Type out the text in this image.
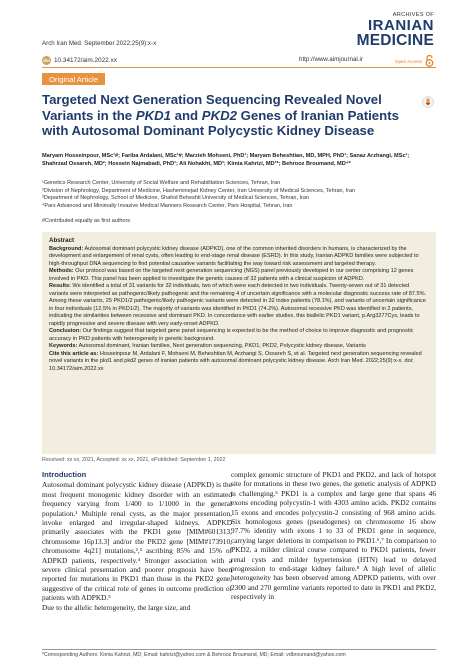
Arch Iran Med. September 2022;25(9):x-x
doi 10.34172/aim.2022.xx	http://www.aimjournal.ir
ARCHIVES OF
IRANIAN
MEDICINE
Open Access
Original Article
Targeted Next Generation Sequencing Revealed Novel Variants in the PKD1 and PKD2 Genes of Iranian Patients with Autosomal Dominant Polycystic Kidney Disease
Maryam Hosseinpour, MSc¹#; Fariba Ardalani, MSc¹#; Marzieh Mohseni, PhD¹; Maryam Beheshtian, MD, MPH, PhD¹; Sanaz Arzhangi, MSc¹; Shahrzad Ossareh, MD²; Hossein Najmabadi, PhD¹; Ali Nohakht, MD³; Kimia Kahrizi, MD¹*; Behrooz Broumand, MD⁴*
¹Genetics Research Center, University of Social Welfare and Rehabilitation Sciences, Tehran, Iran
²Division of Nephrology, Department of Medicine, Hasheminejad Kidney Center, Iran University of Medical Sciences, Tehran, Iran
³Department of Nephrology, School of Medicine, Shahid Beheshti University of Medical Sciences, Tehran, Iran
⁴Pars Advanced and Minimally Invasive Medical Manners Research Center, Pars Hospital, Tehran, Iran
#Contributed equally as first authors
Abstract

Background: Autosomal dominant polycystic kidney disease (ADPKD), one of the common inherited disorders in humans, is characterized by the development and enlargement of renal cysts, often leading to end-stage renal disease (ESRD). In this study, Iranian ADPKD families were subjected to high-throughput DNA sequencing to find potential causative variants facilitating the way toward risk assessment and targeted therapy.

Methods: Our protocol was based on the targeted next generation sequencing (NGS) panel previously developed in our center comprising 12 genes involved in PKD. This panel has been applied to investigate the genetic causes of 32 patients with a clinical suspicion of ADPKD.

Results: We identified a total of 31 variants for 32 individuals, two of which were each detected in two individuals. Twenty-seven out of 31 detected variants were interpreted as pathogenic/likely pathogenic and the remaining 4 of uncertain significance with a molecular diagnostic success rate of 87.5%. Among these variants, 25 PKD1/2 pathogenic/likely pathogenic variants were detected in 32 index patients (78.1%), and variants of uncertain significance in four individuals (12.5% in PKD1/2). The majority of variants was identified in PKD1 (74.2%). Autosomal recessive PKD was identified in 2 patients, indicating the similarities between recessive and dominant PKD. In concordance with earlier studies, this biallelic PKD1 variant, p.Arg3277Cys, leads to rapidly progressive and severe disease with very early-onset ADPKD.

Conclusion: Our findings suggest that targeted gene panel sequencing is expected to be the method of choice to improve diagnostic and prognostic accuracy in PKD patients with heterogeneity in genetic background.

Keywords: Autosomal dominant, Iranian families, Next generation sequencing, PKD1, PKD2, Polycystic kidney disease, Variants

Cite this article as: Hosseinpour M, Ardalani F, Mohseni M, Beheshtian M, Arzhangi S, Ossareh S, et al. Targeted next generation sequencing revealed novel variants in the pkd1 and pkd2 genes of iranian patients with autosomal dominant polycystic kidney disease. Arch Iran Med. 2022;25(9):x-x. doi: 10.34172/aim.2022.xx

Received: xx xx, 2021, Accepted: xx xx, 2021, ePublished: September 1, 2022
Introduction
Autosomal dominant polycystic kidney disease (ADPKD) is the most frequent monogenic kidney disorder with an estimated frequency varying from 1/400 to 1/1000 in the general population.¹ Multiple renal cysts, as the major presentation, invoke enlarged and irregular-shaped kidneys. ADPKD primarily associates with the PKD1 gene [MIM#601313, chromosome 16p13.3] and/or the PKD2 gene [MIM#173910, chromosome 4q21] mutations,²,³ ascribing 85% and 15% of ADPKD patients, respectively.⁴ Stronger association with a severe clinical presentation and poorer prognosis have been reported for mutations in PKD1 than those in the PKD2 gene, suggestive of the critical role of genes in outcome prediction of patients with ADPKD.⁵
Due to the allelic heterogeneity, the large size, and
complex genomic structure of PKD1 and PKD2, and lack of hotspot site for mutations in these two genes, the genetic analysis of ADPKD is challenging.⁵ PKD1 is a complex and large gene that spans 46 exons encoding polycystin-1 with 4303 amino acids. PKD2 contains 15 exons and encodes polycystin-2 consisting of 968 amino acids. Six homologous genes (pseudogenes) on chromosome 16 show 97.7% identity with exons 1 to 33 of PKD1 gene in sequence, carrying larger deletions in comparison to PKD1.⁶,⁷ In comparison to PKD2, a milder clinical course compared to PKD1 patients, fewer renal cysts and milder hypertension (HTN) lead to delayed progression to end-stage kidney failure.⁸ A high level of allelic heterogeneity has been observed among ADPKD patients, with over 2300 and 270 germline variants reported to date in PKD1 and PKD2, respectively in
*Corresponding Authors: Kimia Kahrizi, MD; Email: kahrizi@yahoo.com & Behrooz Broumand, MD; Email: vdbroumand@yahoo.com
